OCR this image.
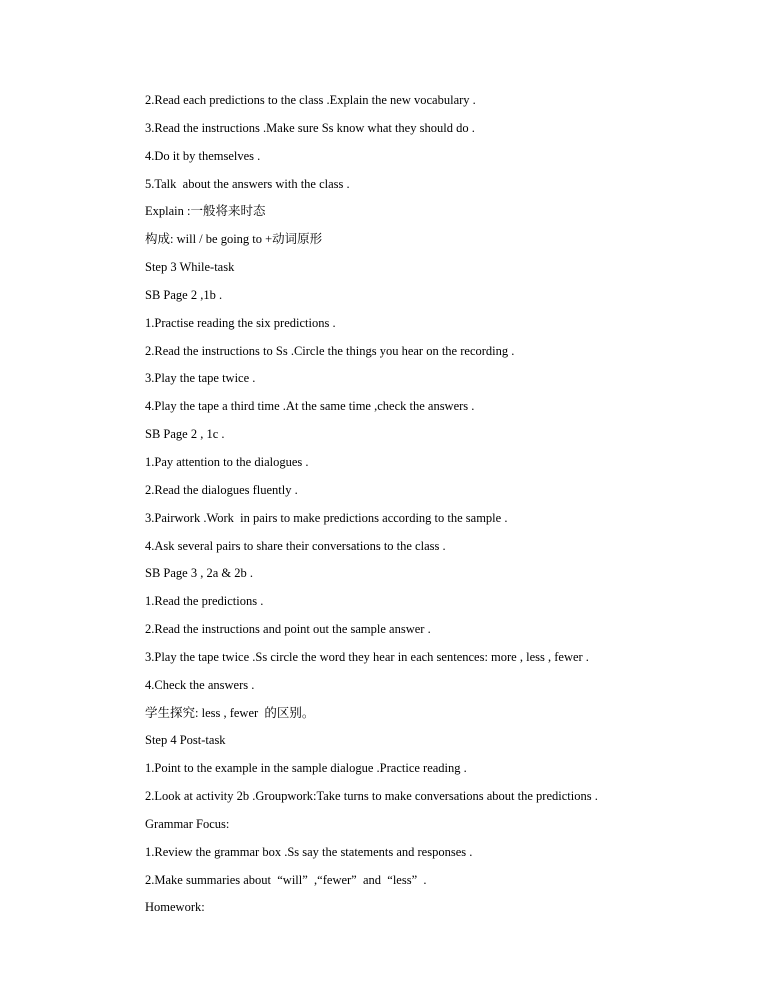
2.Read each predictions to the class .Explain the new vocabulary .
3.Read the instructions .Make sure Ss know what they should do .
4.Do it by themselves .
5.Talk  about the answers with the class .
Explain :一般将来时态
构成: will / be going to +动词原形
Step 3 While-task
SB Page 2 ,1b .
1.Practise reading the six predictions .
2.Read the instructions to Ss .Circle the things you hear on the recording .
3.Play the tape twice .
4.Play the tape a third time .At the same time ,check the answers .
SB Page 2 , 1c .
1.Pay attention to the dialogues .
2.Read the dialogues fluently .
3.Pairwork .Work  in pairs to make predictions according to the sample .
4.Ask several pairs to share their conversations to the class .
SB Page 3 , 2a & 2b .
1.Read the predictions .
2.Read the instructions and point out the sample answer .
3.Play the tape twice .Ss circle the word they hear in each sentences: more , less , fewer .
4.Check the answers .
学生探究: less , fewer  的区别。
Step 4 Post-task
1.Point to the example in the sample dialogue .Practice reading .
2.Look at activity 2b .Groupwork:Take turns to make conversations about the predictions .
Grammar Focus:
1.Review the grammar box .Ss say the statements and responses .
2.Make summaries about  “will”  ,“fewer”  and  “less”  .
Homework:
